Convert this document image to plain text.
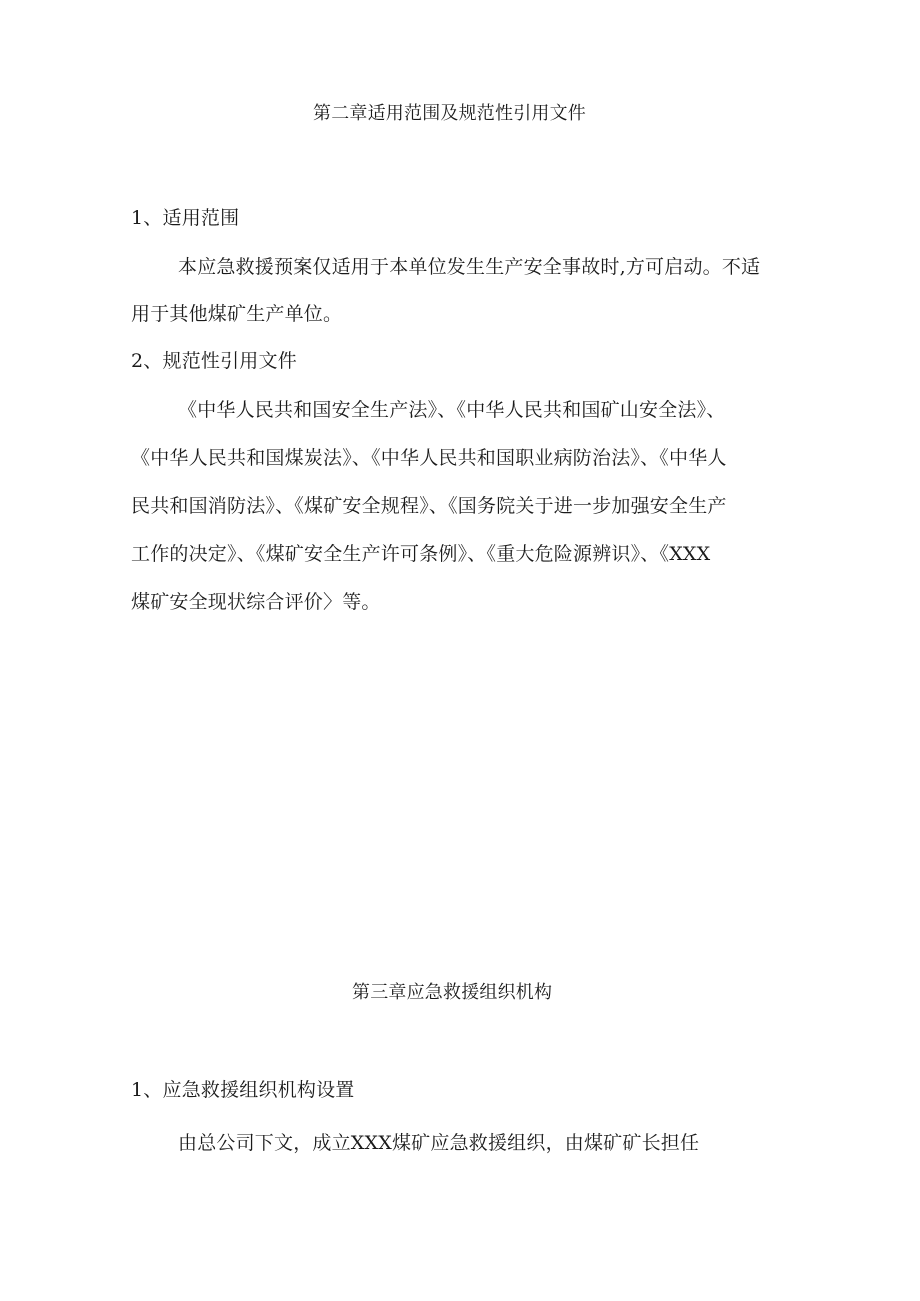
第二章适用范围及规范性引用文件
1、适用范围
本应急救援预案仅适用于本单位发生生产安全事故时,方可启动。不适
用于其他煤矿生产单位。
2、规范性引用文件
《中华人民共和国安全生产法》、《中华人民共和国矿山安全法》、
《中华人民共和国煤炭法》、《中华人民共和国职业病防治法》、《中华人
民共和国消防法》、《煤矿安全规程》、《国务院关于进一步加强安全生产
工作的决定》、《煤矿安全生产许可条例》、《重大危险源辨识》、《XXX
煤矿安全现状综合评价〉等。
第三章应急救援组织机构
1、应急救援组织机构设置
由总公司下文，成立XXX煤矿应急救援组织，由煤矿矿长担任
